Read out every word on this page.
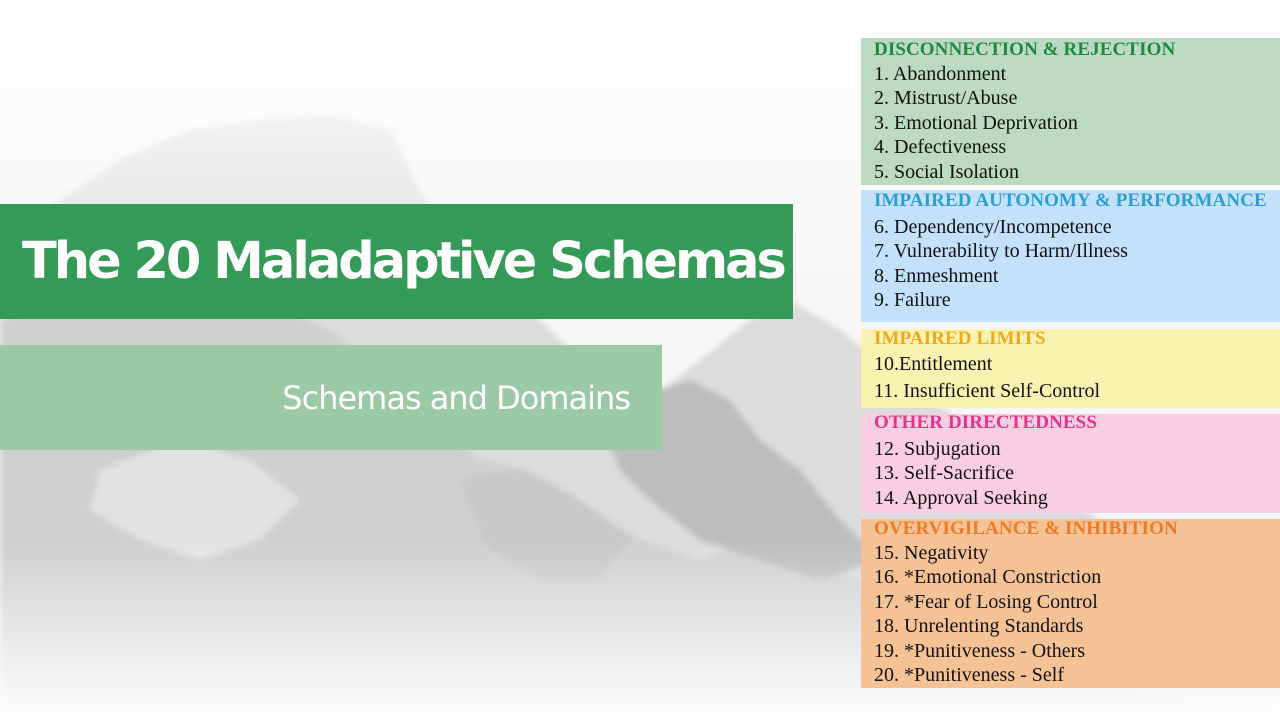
The 20 Maladaptive Schemas
Schemas and Domains
DISCONNECTION & REJECTION
1. Abandonment
2. Mistrust/Abuse
3. Emotional Deprivation
4. Defectiveness
5. Social Isolation
IMPAIRED AUTONOMY & PERFORMANCE
6. Dependency/Incompetence
7. Vulnerability to Harm/Illness
8. Enmeshment
9. Failure
IMPAIRED LIMITS
10.Entitlement
11. Insufficient Self-Control
OTHER DIRECTEDNESS
12. Subjugation
13. Self-Sacrifice
14. Approval Seeking
OVERVIGILANCE & INHIBITION
15. Negativity
16. *Emotional Constriction
17. *Fear of Losing Control
18. Unrelenting Standards
19. *Punitiveness - Others
20. *Punitiveness - Self
